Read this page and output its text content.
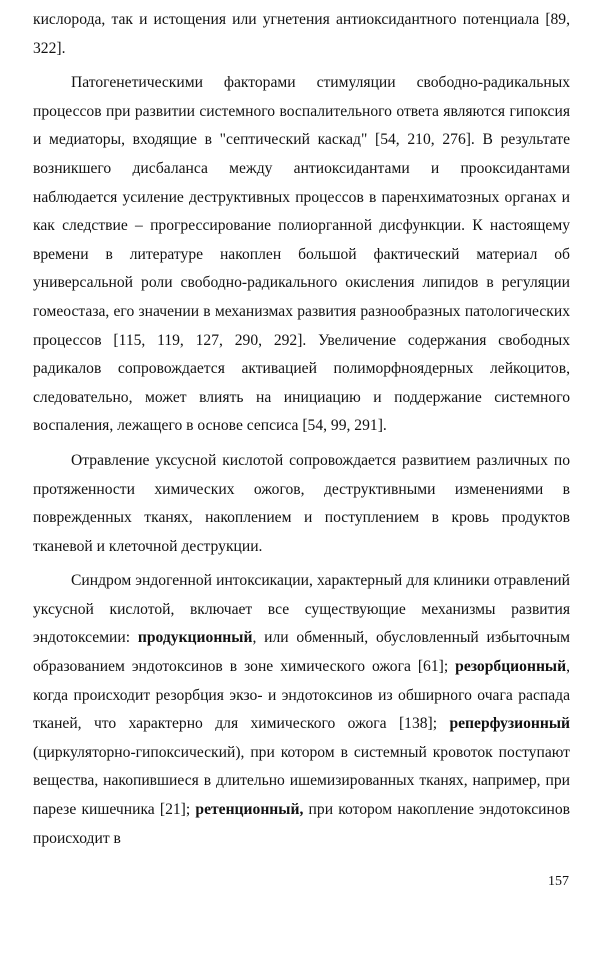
кислорода, так и истощения или угнетения антиоксидантного потенциала [89, 322].

Патогенетическими факторами стимуляции свободно-радикальных процессов при развитии системного воспалительного ответа являются гипоксия и медиаторы, входящие в "септический каскад" [54, 210, 276]. В результате возникшего дисбаланса между антиоксидантами и прооксидантами наблюдается усиление деструктивных процессов в паренхиматозных органах и как следствие – прогрессирование полиорганной дисфункции. К настоящему времени в литературе накоплен большой фактический материал об универсальной роли свободно-радикального окисления липидов в регуляции гомеостаза, его значении в механизмах развития разнообразных патологических процессов [115, 119, 127, 290, 292]. Увеличение содержания свободных радикалов сопровождается активацией полиморфноядерных лейкоцитов, следовательно, может влиять на инициацию и поддержание системного воспаления, лежащего в основе сепсиса [54, 99, 291].

Отравление уксусной кислотой сопровождается развитием различных по протяженности химических ожогов, деструктивными изменениями в поврежденных тканях, накоплением и поступлением в кровь продуктов тканевой и клеточной деструкции.

Синдром эндогенной интоксикации, характерный для клиники отравлений уксусной кислотой, включает все существующие механизмы развития эндотоксемии: продукционный, или обменный, обусловленный избыточным образованием эндотоксинов в зоне химического ожога [61]; резорбционный, когда происходит резорбция экзо- и эндотоксинов из обширного очага распада тканей, что характерно для химического ожога [138]; реперфузионный (циркуляторно-гипоксический), при котором в системный кровоток поступают вещества, накопившиеся в длительно ишемизированных тканях, например, при парезе кишечника [21]; ретенционный, при котором накопление эндотоксинов происходит в

157
